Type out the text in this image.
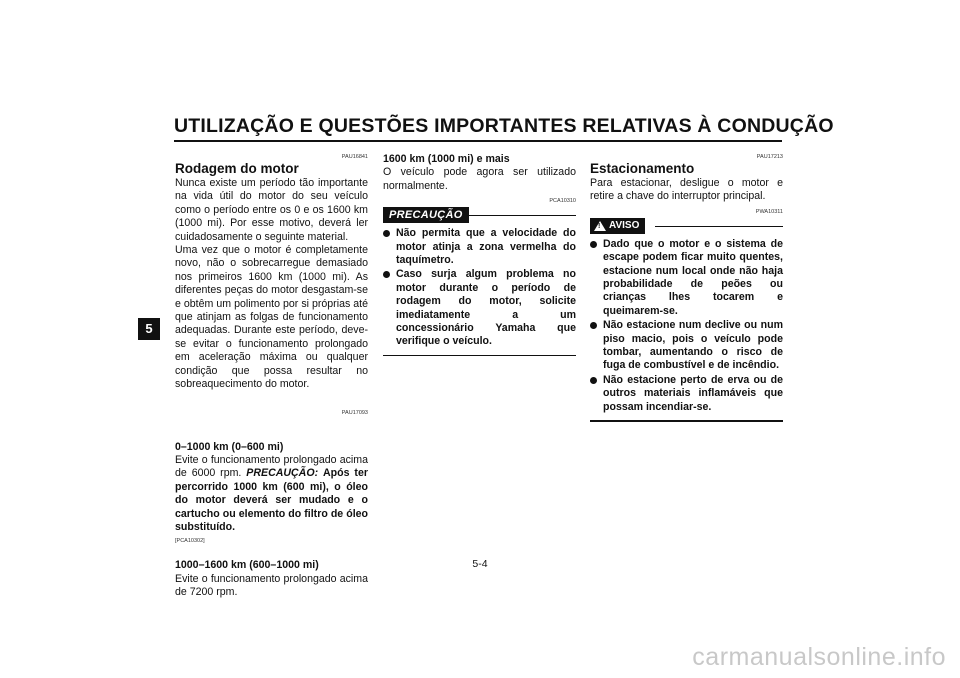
UTILIZAÇÃO E QUESTÕES IMPORTANTES RELATIVAS À CONDUÇÃO
5
PAU16841
Rodagem do motor

Nunca existe um período tão importante na vida útil do motor do seu veículo como o período entre os 0 e os 1600 km (1000 mi). Por esse motivo, deverá ler cuidadosamente o seguinte material.

Uma vez que o motor é completamente novo, não o sobrecarregue demasiado nos primeiros 1600 km (1000 mi). As diferentes peças do motor desgastam-se e obtêm um polimento por si próprias até que atinjam as folgas de funcionamento adequadas. Durante este período, deve-se evitar o funcionamento prolongado em aceleração máxima ou qualquer condição que possa resultar no sobreaquecimento do motor.

PAU17093
0–1000 km (0–600 mi)

Evite o funcionamento prolongado acima de 6000 rpm. PRECAUÇÃO: Após ter percorrido 1000 km (600 mi), o óleo do motor deverá ser mudado e o cartucho ou elemento do filtro de óleo substituído.

[PCA10302]
1000–1600 km (600–1000 mi)

Evite o funcionamento prolongado acima de 7200 rpm.

1600 km (1000 mi) e mais

O veículo pode agora ser utilizado normalmente.

PCA10310
PRECAUÇÃO
Não permita que a velocidade do motor atinja a zona vermelha do taquímetro.
Caso surja algum problema no motor durante o período de rodagem do motor, solicite imediatamente a um concessionário Yamaha que verifique o veículo.
PAU17213
Estacionamento

Para estacionar, desligue o motor e retire a chave do interruptor principal.

PWA10311
! AVISO
Dado que o motor e o sistema de escape podem ficar muito quentes, estacione num local onde não haja probabilidade de peões ou crianças lhes tocarem e queimarem-se.
Não estacione num declive ou num piso macio, pois o veículo pode tombar, aumentando o risco de fuga de combustível e de incêndio.
Não estacione perto de erva ou de outros materiais inflamáveis que possam incendiar-se.
5-4
carmanualsonline.info
